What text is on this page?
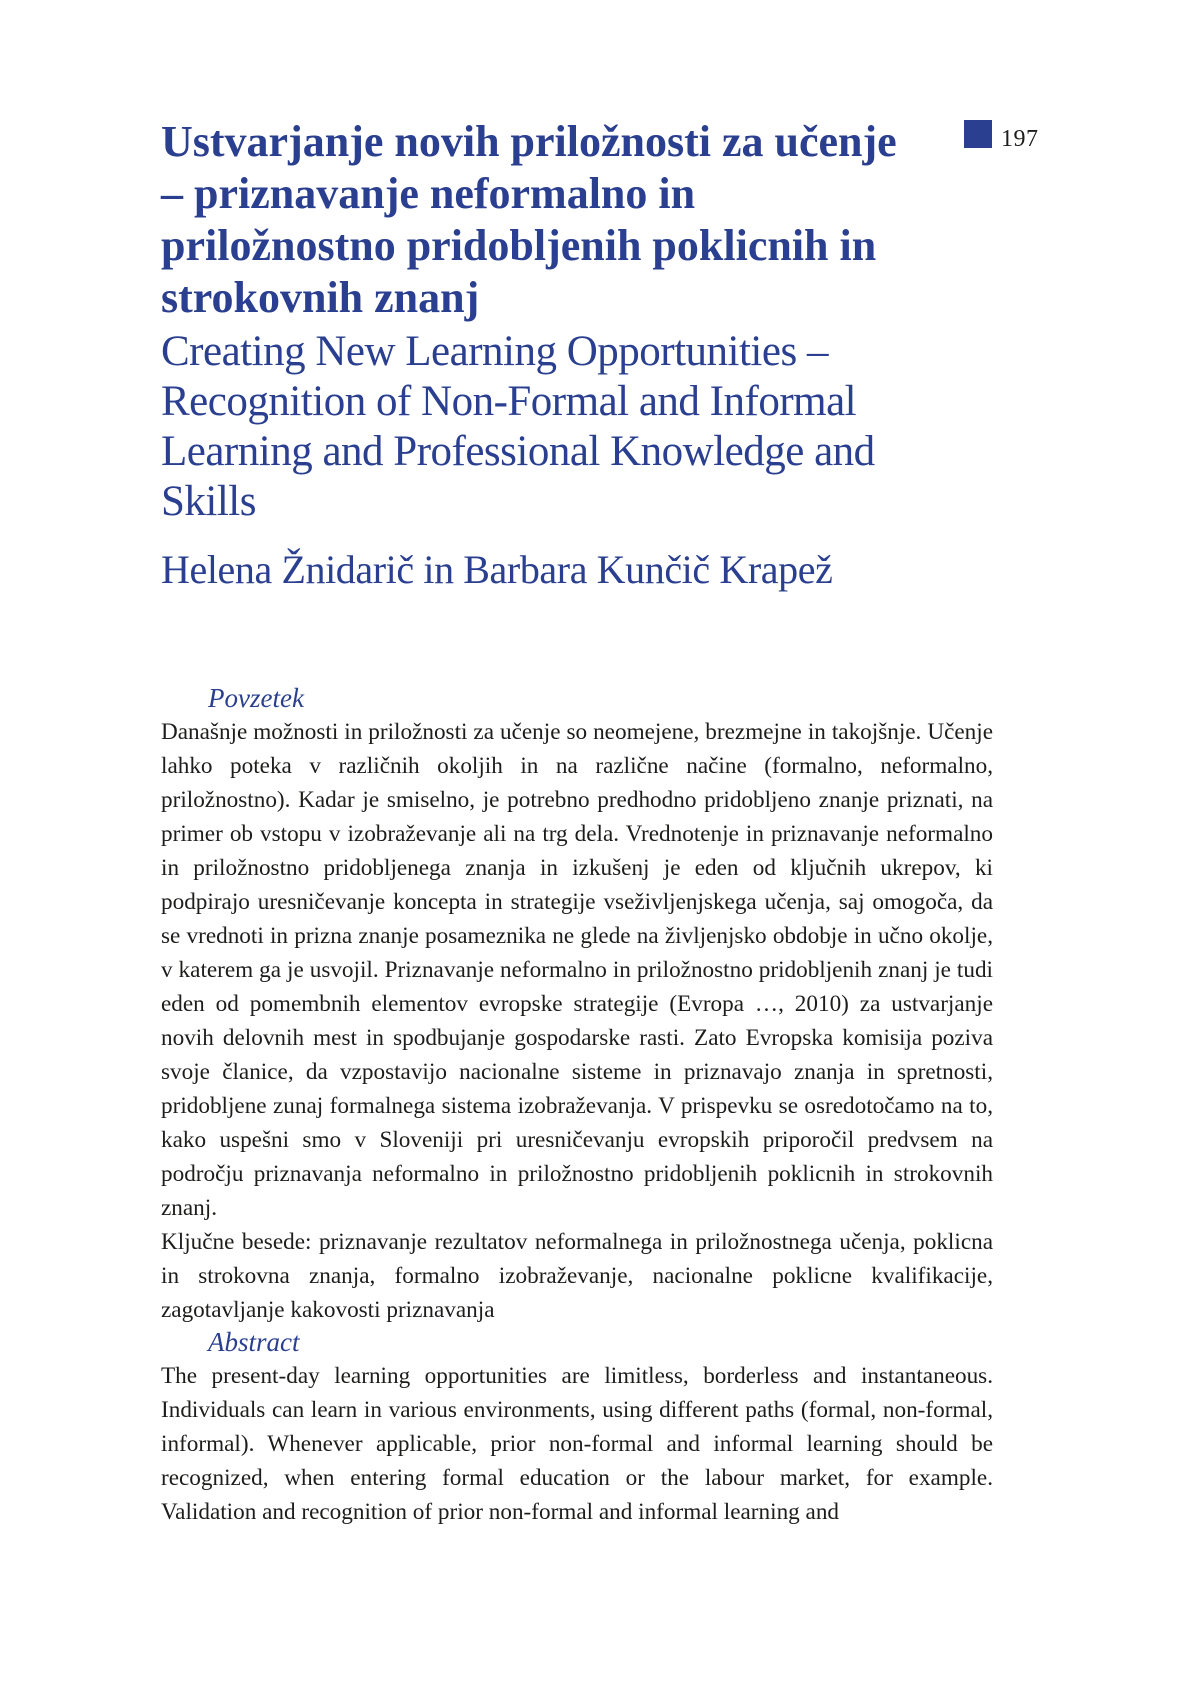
197
Ustvarjanje novih priložnosti za učenje – priznavanje neformalno in priložnostno pridobljenih poklicnih in strokovnih znanj
Creating New Learning Opportunities – Recognition of Non-Formal and Informal Learning and Professional Knowledge and Skills

Helena Žnidarič in Barbara Kunčič Krapež

Povzetek

Današnje možnosti in priložnosti za učenje so neomejene, brezmejne in takojšnje. Učenje lahko poteka v različnih okoljih in na različne načine (formalno, neformalno, priložnostno). Kadar je smiselno, je potrebno predhodno pridobljeno znanje priznati, na primer ob vstopu v izobraževanje ali na trg dela. Vrednotenje in priznavanje neformalno in priložnostno pridobljenega znanja in izkušenj je eden od ključnih ukrepov, ki podpirajo uresničevanje koncepta in strategije vseživljenjskega učenja, saj omogoča, da se vrednoti in prizna znanje posameznika ne glede na življenjsko obdobje in učno okolje, v katerem ga je usvojil. Priznavanje neformalno in priložnostno pridobljenih znanj je tudi eden od pomembnih elementov evropske strategije (Evropa …, 2010) za ustvarjanje novih delovnih mest in spodbujanje gospodarske rasti. Zato Evropska komisija poziva svoje članice, da vzpostavijo nacionalne sisteme in priznavajo znanja in spretnosti, pridobljene zunaj formalnega sistema izobraževanja. V prispevku se osredotočamo na to, kako uspešni smo v Sloveniji pri uresničevanju evropskih priporočil predvsem na področju priznavanja neformalno in priložnostno pridobljenih poklicnih in strokovnih znanj.

Ključne besede: priznavanje rezultatov neformalnega in priložnostnega učenja, poklicna in strokovna znanja, formalno izobraževanje, nacionalne poklicne kvalifikacije, zagotavljanje kakovosti priznavanja

Abstract

The present-day learning opportunities are limitless, borderless and instantaneous. Individuals can learn in various environments, using different paths (formal, non-formal, informal). Whenever applicable, prior non-formal and informal learning should be recognized, when entering formal education or the labour market, for example. Validation and recognition of prior non-formal and informal learning and
